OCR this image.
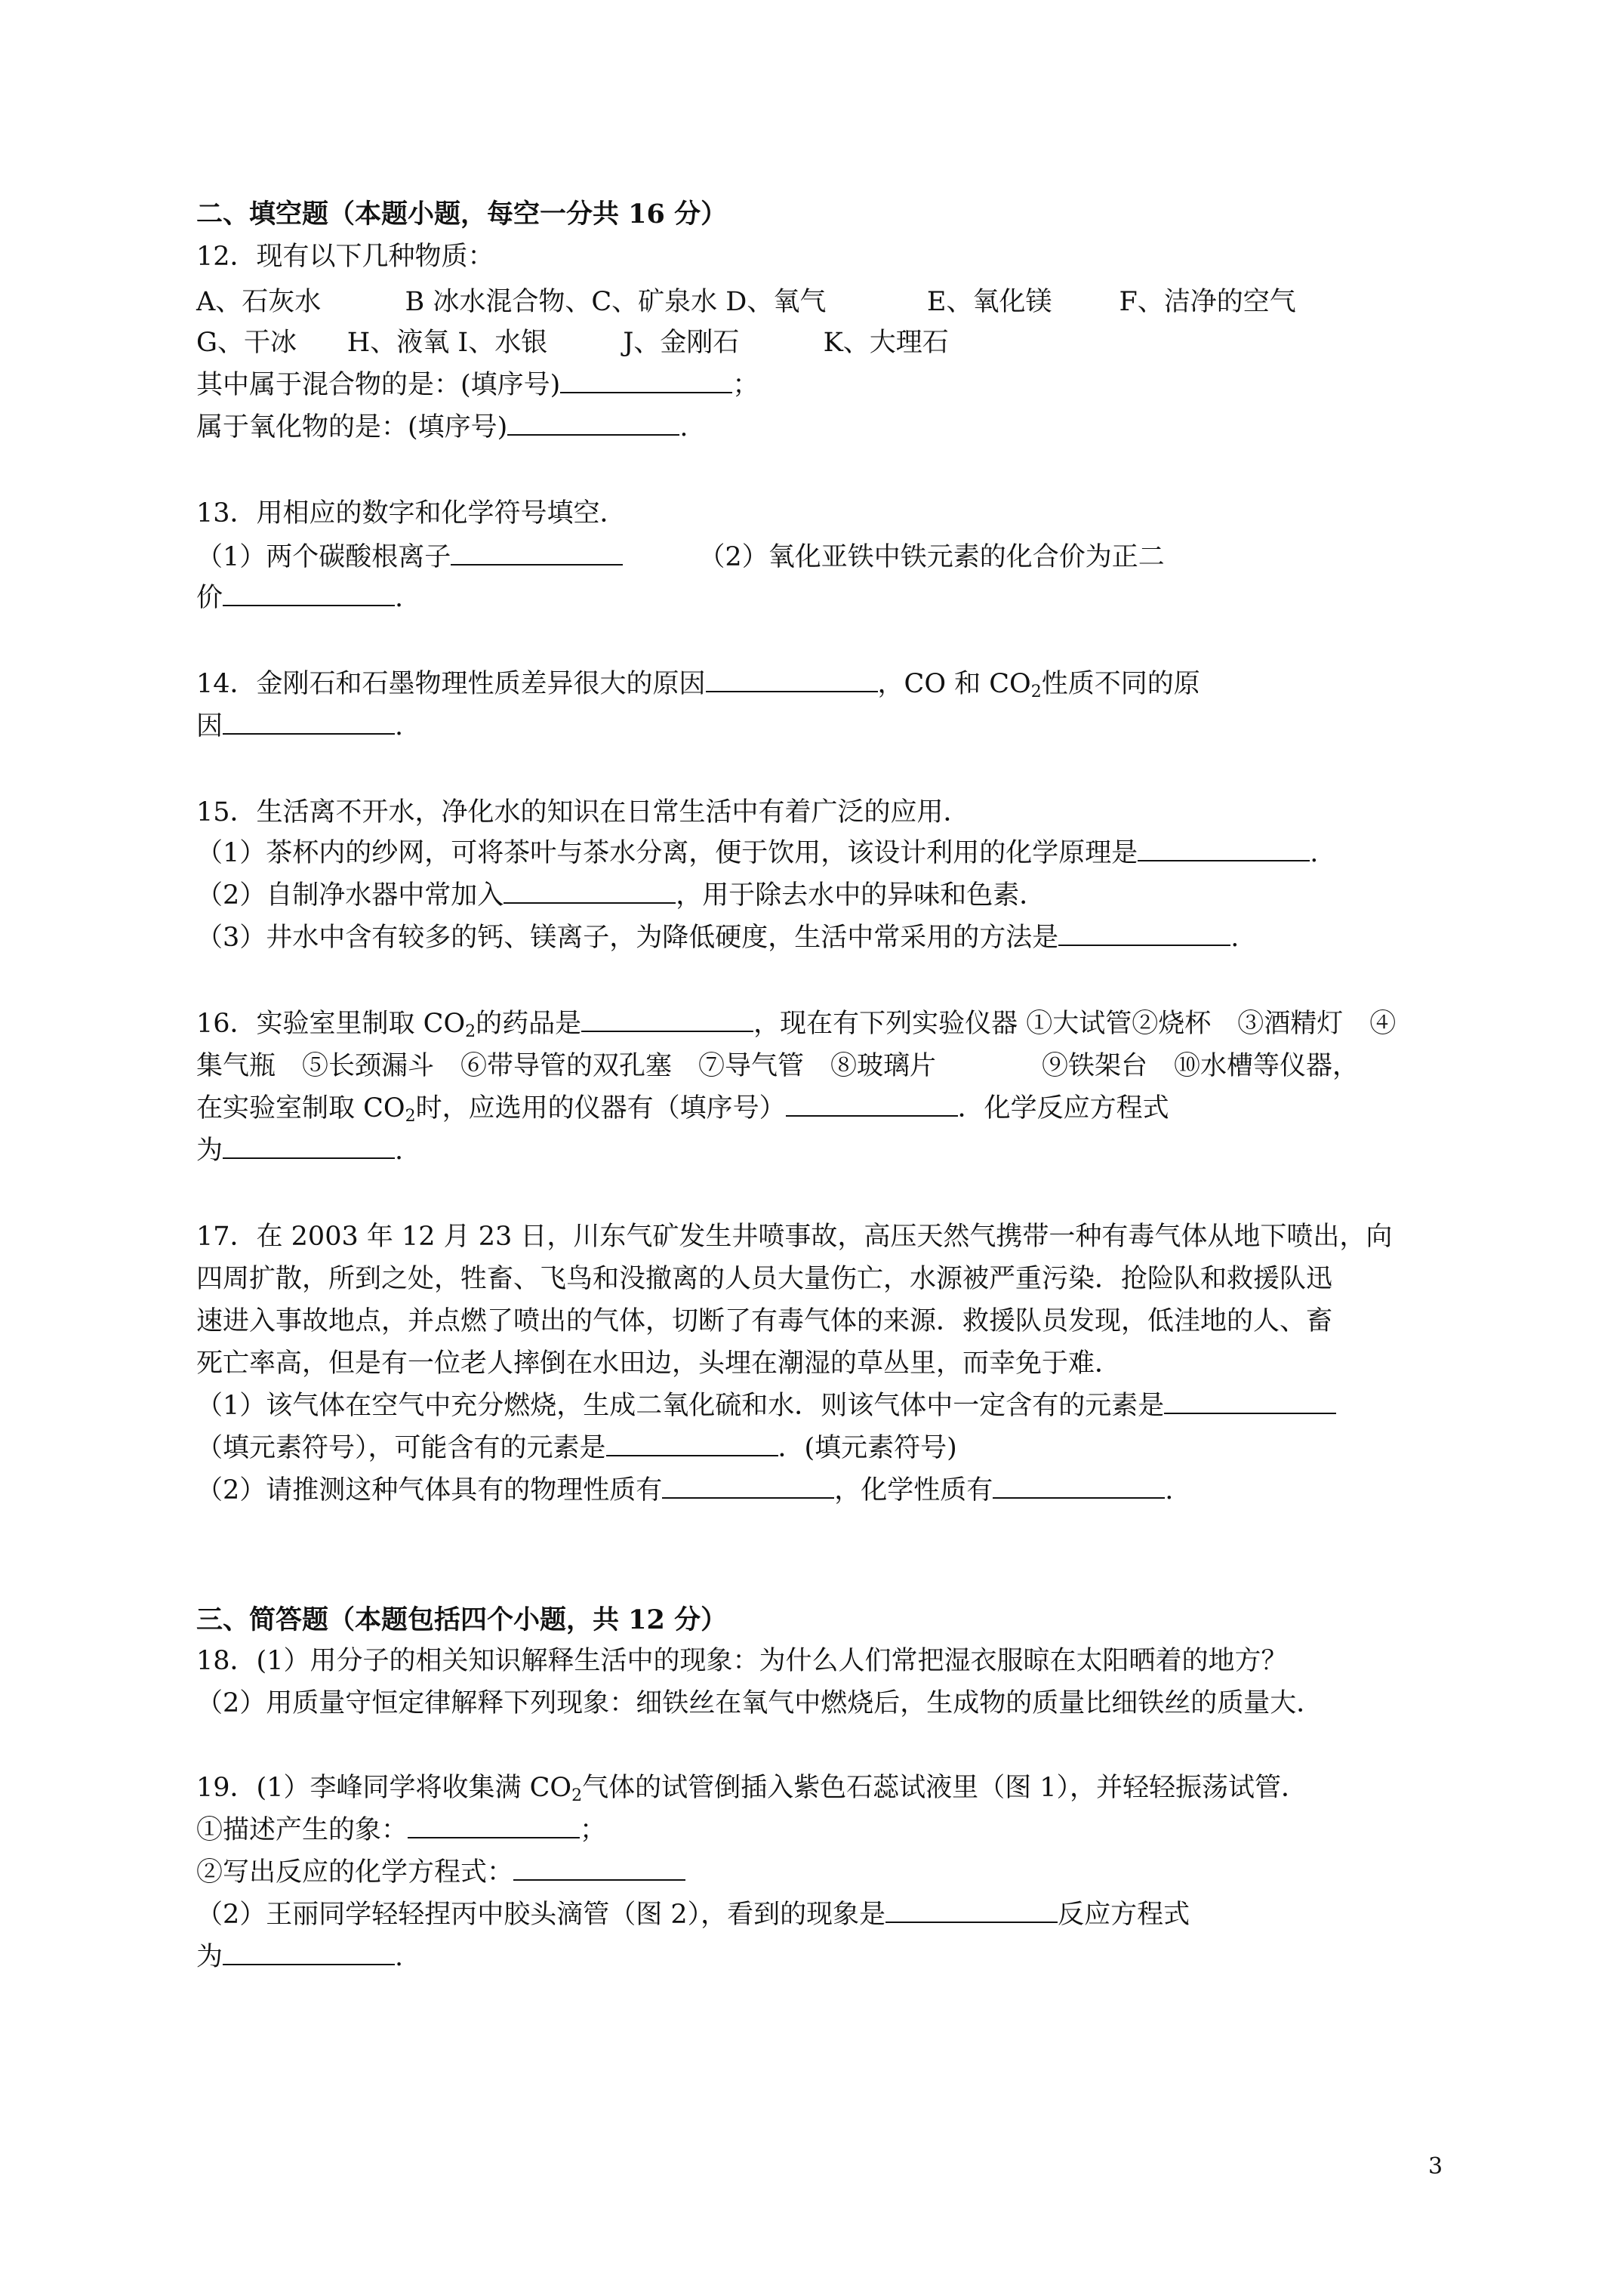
二、填空题（本题小题，每空一分共 16 分）
12．现有以下几种物质：
A、石灰水	B 冰水混合物、C、矿泉水 D、氧气	E、氧化镁	F、洁净的空气
G、干冰 H、液氧 I、水银	J、金刚石	K、大理石
其中属于混合物的是：(填序号)	；
属于氧化物的是：(填序号)	.
13．用相应的数字和化学符号填空．
（1）两个碳酸根离子	（2）氧化亚铁中铁元素的化合价为正二
价	.
14．金刚石和石墨物理性质差异很大的原因	，CO 和 $CO_2$性质不同的原
因	.
15．生活离不开水，净化水的知识在日常生活中有着广泛的应用．
（1）茶杯内的纱网，可将茶叶与茶水分离，便于饮用，该设计利用的化学原理是	.
（2）自制净水器中常加入	，用于除去水中的异味和色素．
（3）井水中含有较多的钙、镁离子，为降低硬度，生活中常采用的方法是	.
16．实验室里制取 $CO_2$的药品是	，现在有下列实验仪器 ①大试管②烧杯　③酒精灯　④
集气瓶　⑤长颈漏斗　⑥带导管的双孔塞　⑦导气管　⑧玻璃片　　　　⑨铁架台　⑩水槽等仪器，
在实验室制取 $CO_2$时，应选用的仪器有（填序号）	．化学反应方程式
为	.
17．在 2003 年 12 月 23 日，川东气矿发生井喷事故，高压天然气携带一种有毒气体从地下喷出，向
四周扩散，所到之处，牲畜、飞鸟和没撤离的人员大量伤亡，水源被严重污染．抢险队和救援队迅
速进入事故地点，并点燃了喷出的气体，切断了有毒气体的来源．救援队员发现，低洼地的人、畜
死亡率高，但是有一位老人摔倒在水田边，头埋在潮湿的草丛里，而幸免于难．
（1）该气体在空气中充分燃烧，生成二氧化硫和水．则该气体中一定含有的元素是
（填元素符号），可能含有的元素是	．(填元素符号)
（2）请推测这种气体具有的物理性质有	，化学性质有	.
三、简答题（本题包括四个小题，共 12 分）
18．(1）用分子的相关知识解释生活中的现象：为什么人们常把湿衣服晾在太阳晒着的地方？
（2）用质量守恒定律解释下列现象：细铁丝在氧气中燃烧后，生成物的质量比细铁丝的质量大．
19．(1）李峰同学将收集满 $CO_2$气体的试管倒插入紫色石蕊试液里（图 1），并轻轻振荡试管．
①描述产生的象：	；
②写出反应的化学方程式：
（2）王丽同学轻轻捏丙中胶头滴管（图 2），看到的现象是	反应方程式
为	.
3
